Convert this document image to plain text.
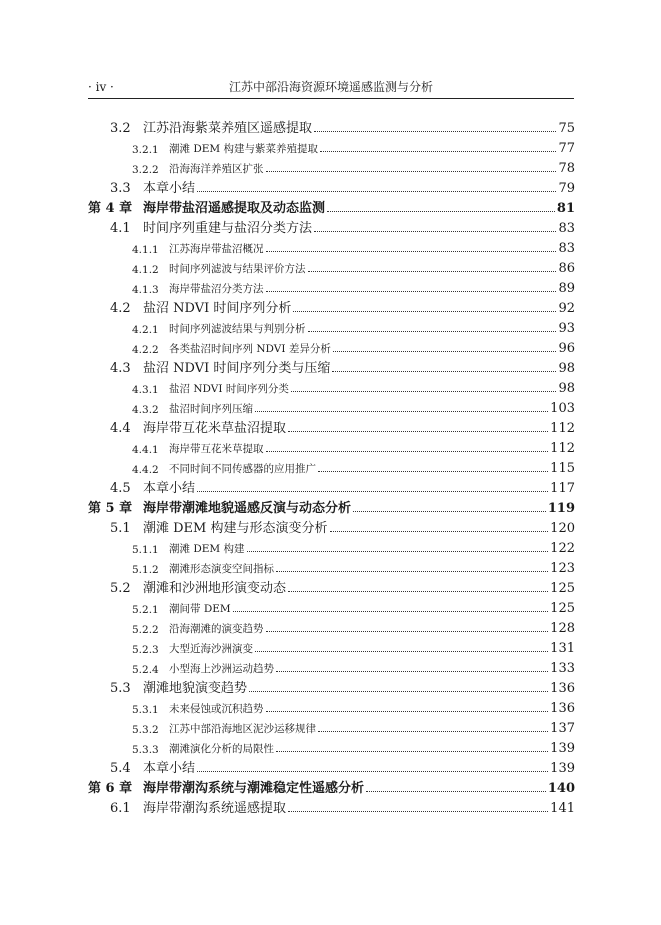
· iv ·	江苏中部沿海资源环境遥感监测与分析
3.2 江苏沿海紫菜养殖区遥感提取	75
3.2.1 潮滩 DEM 构建与紫菜养殖提取	77
3.2.2 沿海海洋养殖区扩张	78
3.3 本章小结	79
第 4 章 海岸带盐沼遥感提取及动态监测	81
4.1 时间序列重建与盐沼分类方法	83
4.1.1 江苏海岸带盐沼概况	83
4.1.2 时间序列滤波与结果评价方法	86
4.1.3 海岸带盐沼分类方法	89
4.2 盐沼 NDVI 时间序列分析	92
4.2.1 时间序列滤波结果与判别分析	93
4.2.2 各类盐沼时间序列 NDVI 差异分析	96
4.3 盐沼 NDVI 时间序列分类与压缩	98
4.3.1 盐沼 NDVI 时间序列分类	98
4.3.2 盐沼时间序列压缩	103
4.4 海岸带互花米草盐沼提取	112
4.4.1 海岸带互花米草提取	112
4.4.2 不同时间不同传感器的应用推广	115
4.5 本章小结	117
第 5 章 海岸带潮滩地貌遥感反演与动态分析	119
5.1 潮滩 DEM 构建与形态演变分析	120
5.1.1 潮滩 DEM 构建	122
5.1.2 潮滩形态演变空间指标	123
5.2 潮滩和沙洲地形演变动态	125
5.2.1 潮间带 DEM	125
5.2.2 沿海潮滩的演变趋势	128
5.2.3 大型近海沙洲演变	131
5.2.4 小型海上沙洲运动趋势	133
5.3 潮滩地貌演变趋势	136
5.3.1 未来侵蚀或沉积趋势	136
5.3.2 江苏中部沿海地区泥沙运移规律	137
5.3.3 潮滩演化分析的局限性	139
5.4 本章小结	139
第 6 章 海岸带潮沟系统与潮滩稳定性遥感分析	140
6.1 海岸带潮沟系统遥感提取	141
